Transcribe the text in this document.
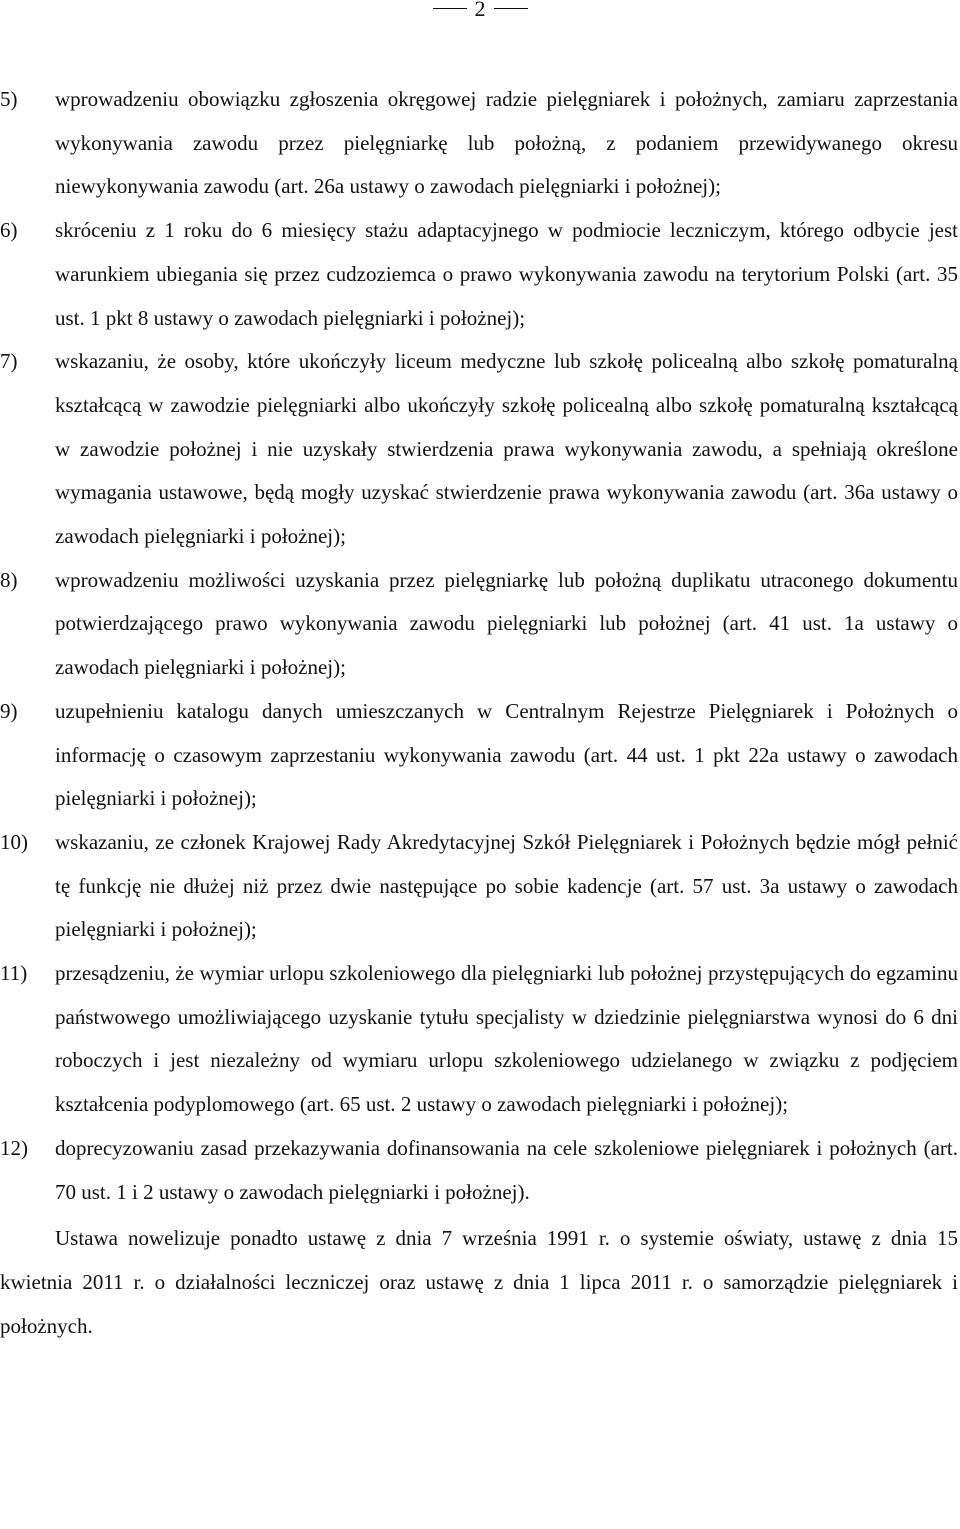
2
5)	wprowadzeniu obowiązku zgłoszenia okręgowej radzie pielęgniarek i położnych, zamiaru zaprzestania wykonywania zawodu przez pielęgniarkę lub położną, z podaniem przewidywanego okresu niewykonywania zawodu (art. 26a ustawy o zawodach pielęgniarki i położnej);
6)	skróceniu z 1 roku do 6 miesięcy stażu adaptacyjnego w podmiocie leczniczym, którego odbycie jest warunkiem ubiegania się przez cudzoziemca o prawo wykonywania zawodu na terytorium Polski (art. 35 ust. 1 pkt 8 ustawy o zawodach pielęgniarki i położnej);
7)	wskazaniu, że osoby, które ukończyły liceum medyczne lub szkołę policealną albo szkołę pomaturalną kształcącą w zawodzie pielęgniarki albo ukończyły szkołę policealną albo szkołę pomaturalną kształcącą w zawodzie położnej i nie uzyskały stwierdzenia prawa wykonywania zawodu, a spełniają określone wymagania ustawowe, będą mogły uzyskać stwierdzenie prawa wykonywania zawodu (art. 36a ustawy o zawodach pielęgniarki i położnej);
8)	wprowadzeniu możliwości uzyskania przez pielęgniarkę lub położną duplikatu utraconego dokumentu potwierdzającego prawo wykonywania zawodu pielęgniarki lub położnej (art. 41 ust. 1a ustawy o zawodach pielęgniarki i położnej);
9)	uzupełnieniu katalogu danych umieszczanych w Centralnym Rejestrze Pielęgniarek i Położnych o informację o czasowym zaprzestaniu wykonywania zawodu (art. 44 ust. 1 pkt 22a ustawy o zawodach pielęgniarki i położnej);
10)	wskazaniu, ze członek Krajowej Rady Akredytacyjnej Szkół Pielęgniarek i Położnych będzie mógł pełnić tę funkcję nie dłużej niż przez dwie następujące po sobie kadencje (art. 57 ust. 3a ustawy o zawodach pielęgniarki i położnej);
11)	przesądzeniu, że wymiar urlopu szkoleniowego dla pielęgniarki lub położnej przystępujących do egzaminu państwowego umożliwiającego uzyskanie tytułu specjalisty w dziedzinie pielęgniarstwa wynosi do 6 dni roboczych i jest niezależny od wymiaru urlopu szkoleniowego udzielanego w związku z podjęciem kształcenia podyplomowego (art. 65 ust. 2 ustawy o zawodach pielęgniarki i położnej);
12)	doprecyzowaniu zasad przekazywania dofinansowania na cele szkoleniowe pielęgniarek i położnych (art. 70 ust. 1 i 2 ustawy o zawodach pielęgniarki i położnej).

Ustawa nowelizuje ponadto ustawę z dnia 7 września 1991 r. o systemie oświaty, ustawę z dnia 15 kwietnia 2011 r. o działalności leczniczej oraz ustawę z dnia 1 lipca 2011 r. o samorządzie pielęgniarek i położnych.
